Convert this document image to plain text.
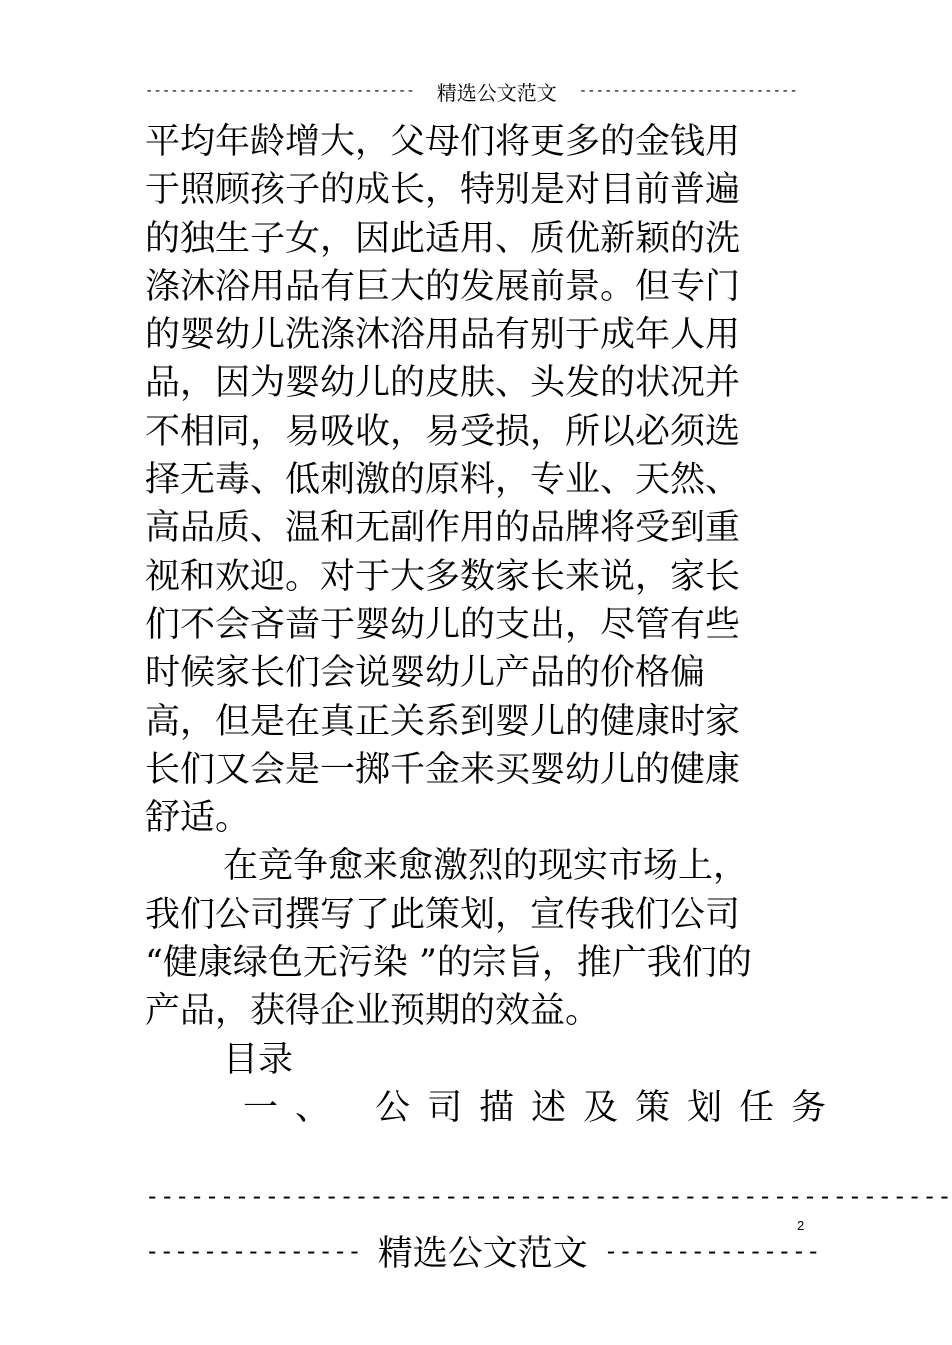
--------------------------------	精选公文范文	--------------------------
平均年龄增大，父母们将更多的金钱用
于照顾孩子的成长，特别是对目前普遍
的独生子女，因此适用、质优新颖的洗
涤沐浴用品有巨大的发展前景。但专门
的婴幼儿洗涤沐浴用品有别于成年人用
品，因为婴幼儿的皮肤、头发的状况并
不相同，易吸收，易受损，所以必须选
择无毒、低刺激的原料，专业、天然、
高品质、温和无副作用的品牌将受到重
视和欢迎。对于大多数家长来说，家长
们不会吝啬于婴幼儿的支出，尽管有些
时候家长们会说婴幼儿产品的价格偏
高，但是在真正关系到婴儿的健康时家
长们又会是一掷千金来买婴幼儿的健康
舒适。
在竞争愈来愈激烈的现实市场上，
我们公司撰写了此策划，宣传我们公司
“健康绿色无污染 ”的宗旨，推广我们的
产品，获得企业预期的效益。
目录
一、 公司描述及策划任务
------------------------------------------------------
--------------- 精选公文范文 ---------------
2
